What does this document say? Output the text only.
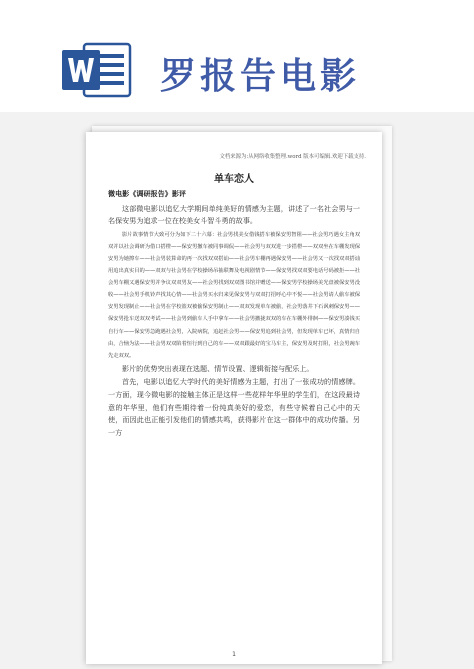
罗报告电影
文档来源为:从网络收集整理.word 版本可编辑.欢迎下载支持.
单车恋人

微电影《调研报告》影评

这部微电影以追忆大学期间单纯美好的情感为主题，讲述了一名社会男与一名保安男为追求一位在校美女斗智斗勇的故事。

影片故事情节大致可分为如下二十六幕：社会男找美女借钱搭车被保安男智阻——社会男巧遇女主角双双并以社会调研为借口搭橙——保安男撤车被同事调侃——社会男与双双进一步搭橙——双双坐在车棚发现保安男为她擦车——社会男装算命的再一次找双双搭讪——社会男车棚再遇保安男——社会男又一次找双双搭讪用追出真实目的——双双与社会男在学校操场吊抽联舞及电视剧情节——保安男找双双要电话号码被拒——社会男车棚又遇保安男并争议双双男友——社会男找到双双图书馆并赠送——保安男学校操场美光盘被保安男没收——社会男手机铃声找其心情——社会男买水归来见保安男与双双打招呼心中不悦——社会男请人偷车被保安男发现制止——社会男在学校篮双被偷保安男制止——双双发现单车被偷，社会男落井下石讽刺保安男——保安男抢车送双双考试——社会男到偷车人手中拿车——社会男撤拢双双的车在车棚外徘徊——保安男凑钱买自行车——保安男急跑遇社会男，入院病院，追赶社会男——保安男追到社会男，但发现单车已坏，真情归自由，合恼为法——社会男双双陷着恒行到自己的车——双双跟最好的宝马车主，保安男及时打阻，社会男豌车先走双双。

影片的优势突出表现在选题、情节设置、逻辑衔接与配乐上。

首先，电影以追忆大学时代的美好情感为主题，打出了一张成功的情感牌。一方面，现今微电影的接触主体正是这样一些花样年华里的学生们，在这段最诗意的年华里，他们有些期待着一份纯真美好的爱恋，有些守候着自己心中的天使，而因此也正能引发他们的情感共鸣，获得影片在这一群体中的成功传播。另一方

1
